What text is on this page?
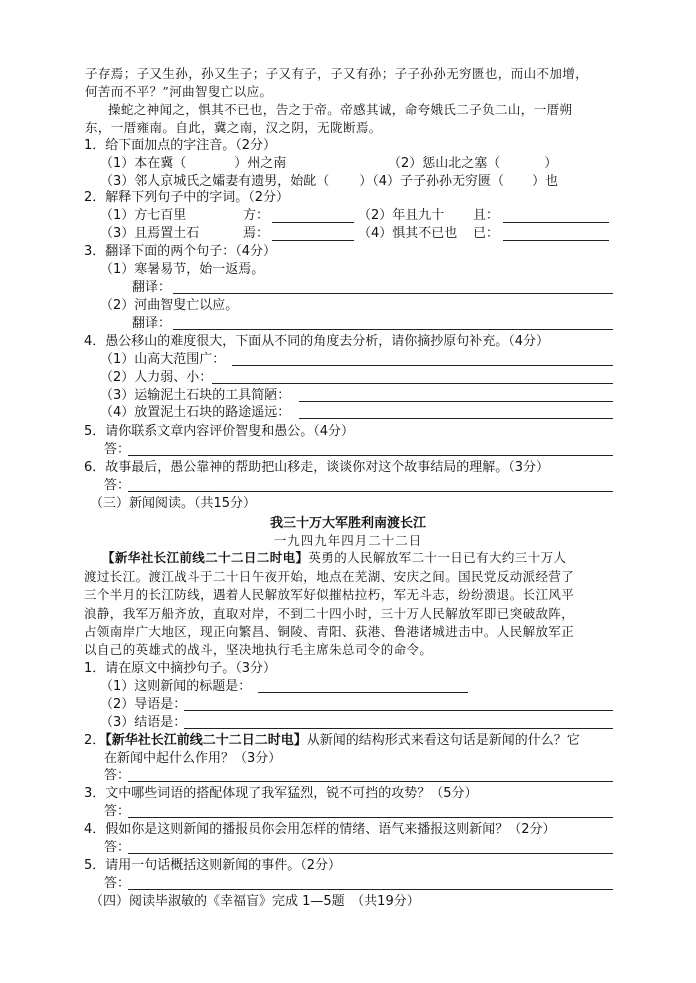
子存焉；子又生孙，孙又生子；子又有子，子又有孙；子子孙孙无穷匮也，而山不加增，
何苦而不平？”河曲智叟亡以应。
操蛇之神闻之，惧其不已也，告之于帝。帝感其诚，命夸娥氏二子负二山，一厝朔
东，一厝雍南。自此，冀之南，汉之阴，无陇断焉。
1．给下面加点的字注音。（2分）
（1）本在冀（	）州之南	（2）惩山北之塞（	）
（3）邻人京城氏之孀妻有遗男，始龀（ ）（4）子子孙孙无穷匮（ ）也
2．解释下列句子中的字词。（2分）
（1）方七百里	方：	（2）年且九十 且：
（3）且焉置土石	焉：	（4）惧其不已也 已：
3．翻译下面的两个句子：（4分）
（1）寒暑易节，始一返焉。
翻译：
（2）河曲智叟亡以应。
翻译：
4．愚公移山的难度很大，下面从不同的角度去分析，请你摘抄原句补充。（4分）
（1）山高大范围广：
（2）人力弱、小：
（3）运输泥土石块的工具简陋：
（4）放置泥土石块的路途遥远：
5．请你联系文章内容评价智叟和愚公。（4分）
答：
6．故事最后，愚公靠神的帮助把山移走，谈谈你对这个故事结局的理解。（3分）
答：
（三）新闻阅读。（共15分）
我三十万大军胜利南渡长江
一九四九年四月二十二日
【新华社长江前线二十二日二时电】英勇的人民解放军二十一日已有大约三十万人
渡过长江。渡江战斗于二十日午夜开始，地点在芜湖、安庆之间。国民党反动派经营了
三个半月的长江防线，遇着人民解放军好似摧枯拉朽，军无斗志，纷纷溃退。长江风平
浪静，我军万船齐放，直取对岸，不到二十四小时，三十万人民解放军即已突破敌阵，
占领南岸广大地区，现正向繁昌、铜陵、青阳、荻港、鲁港诸城进击中。人民解放军正
以自己的英雄式的战斗，坚决地执行毛主席朱总司令的命令。
1．请在原文中摘抄句子。（3分）
（1）这则新闻的标题是：
（2）导语是：
（3）结语是：
2．【新华社长江前线二十二日二时电】从新闻的结构形式来看这句话是新闻的什么？它
在新闻中起什么作用？（3分）
答：
3．文中哪些词语的搭配体现了我军猛烈，锐不可挡的攻势？（5分）
答：
4．假如你是这则新闻的播报员你会用怎样的情绪、语气来播报这则新闻？（2分）
答：
5．请用一句话概括这则新闻的事件。（2分）
答：
（四）阅读毕淑敏的《幸福盲》完成 1—5题　（共19分）
